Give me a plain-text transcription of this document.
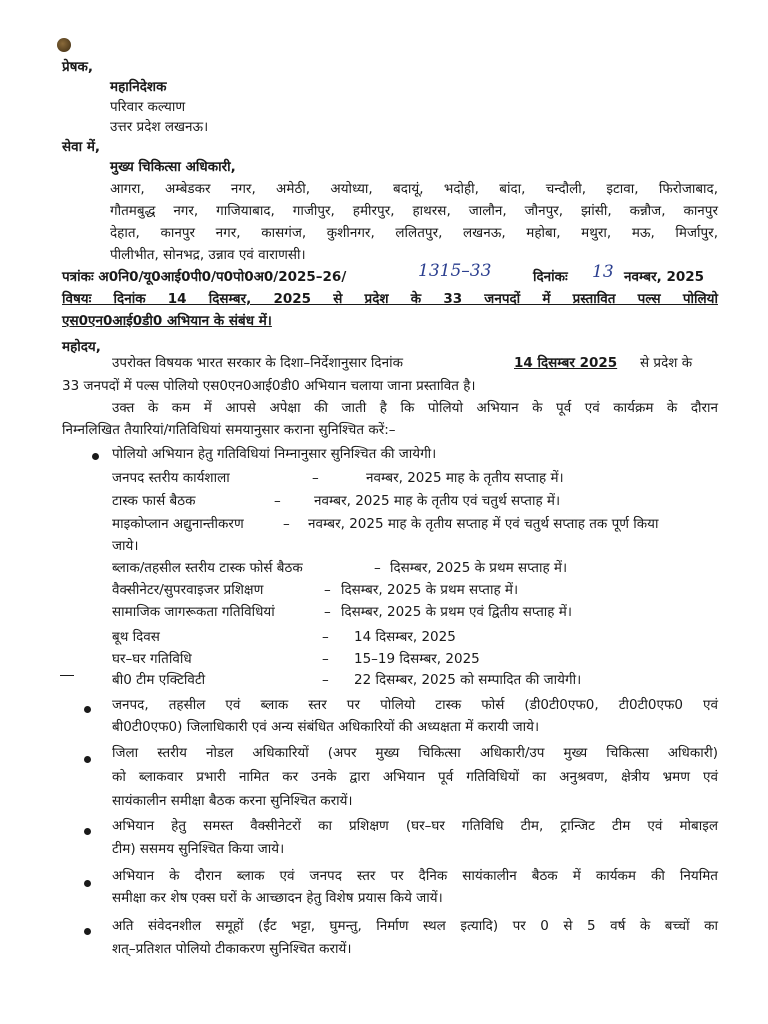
प्रेषक,
महानिदेशक
परिवार कल्याण
उत्तर प्रदेश लखनऊ।
सेवा में,
मुख्य चिकित्सा अधिकारी,
आगरा, अम्बेडकर नगर, अमेठी, अयोध्या, बदायूं, भदोही, बांदा, चन्दौली, इटावा, फिरोजाबाद,
गौतमबुद्ध नगर, गाजियाबाद, गाजीपुर, हमीरपुर, हाथरस, जालौन, जौनपुर, झांसी, कन्नौज, कानपुर
देहात, कानपुर नगर, कासगंज, कुशीनगर, ललितपुर, लखनऊ, महोबा, मथुरा, मऊ, मिर्जापुर,
पीलीभीत, सोनभद्र, उन्नाव एवं वाराणसी।
पत्रांकः अ0नि0/यू0आई0पी0/प0पो0अ0/2025–26/	1315–33	दिनांकः 13 नवम्बर, 2025
विषयः दिनांक 14 दिसम्बर, 2025 से प्रदेश के 33 जनपदों में प्रस्तावित पल्स पोलियो
एस0एन0आई0डी0 अभियान के संबंध में।
महोदय,
उपरोक्त विषयक भारत सरकार के दिशा–निर्देशानुसार दिनांक	14 दिसम्बर 2025 से प्रदेश के
33 जनपदों में पल्स पोलियो एस0एन0आई0डी0 अभियान चलाया जाना प्रस्तावित है।
उक्त के कम में आपसे अपेक्षा की जाती है कि पोलियो अभियान के पूर्व एवं कार्यक्रम के दौरान
निम्नलिखित तैयारियां/गतिविधियां समयानुसार कराना सुनिश्चित करें:–
पोलियो अभियान हेतु गतिविधियां निम्नानुसार सुनिश्चित की जायेगी।
जनपद स्तरीय कार्यशाला	–	नवम्बर, 2025 माह के तृतीय सप्ताह में।
टास्क फार्स बैठक	– नवम्बर, 2025 माह के तृतीय एवं चतुर्थ सप्ताह में।
माइकोप्लान अद्युनान्तीकरण	– नवम्बर, 2025 माह के तृतीय सप्ताह में एवं चतुर्थ सप्ताह तक पूर्ण किया
जाये।
ब्लाक/तहसील स्तरीय टास्क फोर्स बैठक	– दिसम्बर, 2025 के प्रथम सप्ताह में।
वैक्सीनेटर/सुपरवाइजर प्रशिक्षण	– दिसम्बर, 2025 के प्रथम सप्ताह में।
सामाजिक जागरूकता गतिविधियां	– दिसम्बर, 2025 के प्रथम एवं द्वितीय सप्ताह में।
बूथ दिवस	– 14 दिसम्बर, 2025
घर–घर गतिविधि	– 15–19 दिसम्बर, 2025
बी0 टीम एक्टिविटी	– 22 दिसम्बर, 2025 को सम्पादित की जायेगी।
जनपद, तहसील एवं ब्लाक स्तर पर पोलियो टास्क फोर्स (डी0टी0एफ0, टी0टी0एफ0 एवं
बी0टी0एफ0) जिलाधिकारी एवं अन्य संबंधित अधिकारियों की अध्यक्षता में करायी जाये।
जिला स्तरीय नोडल अधिकारियों (अपर मुख्य चिकित्सा अधिकारी/उप मुख्य चिकित्सा अधिकारी)
को ब्लाकवार प्रभारी नामित कर उनके द्वारा अभियान पूर्व गतिविधियों का अनुश्रवण, क्षेत्रीय भ्रमण एवं
सायंकालीन समीक्षा बैठक करना सुनिश्चित करायें।
अभियान हेतु समस्त वैक्सीनेटरों का प्रशिक्षण (घर–घर गतिविधि टीम, ट्रान्जिट टीम एवं मोबाइल
टीम) ससमय सुनिश्चित किया जाये।
अभियान के दौरान ब्लाक एवं जनपद स्तर पर दैनिक सायंकालीन बैठक में कार्यकम की नियमित
समीक्षा कर शेष एक्स घरों के आच्छादन हेतु विशेष प्रयास किये जायें।
अति संवेदनशील समूहों (ईंट भट्टा, घुमन्तु, निर्माण स्थल इत्यादि) पर 0 से 5 वर्ष के बच्चों का
शत्–प्रतिशत पोलियो टीकाकरण सुनिश्चित करायें।
